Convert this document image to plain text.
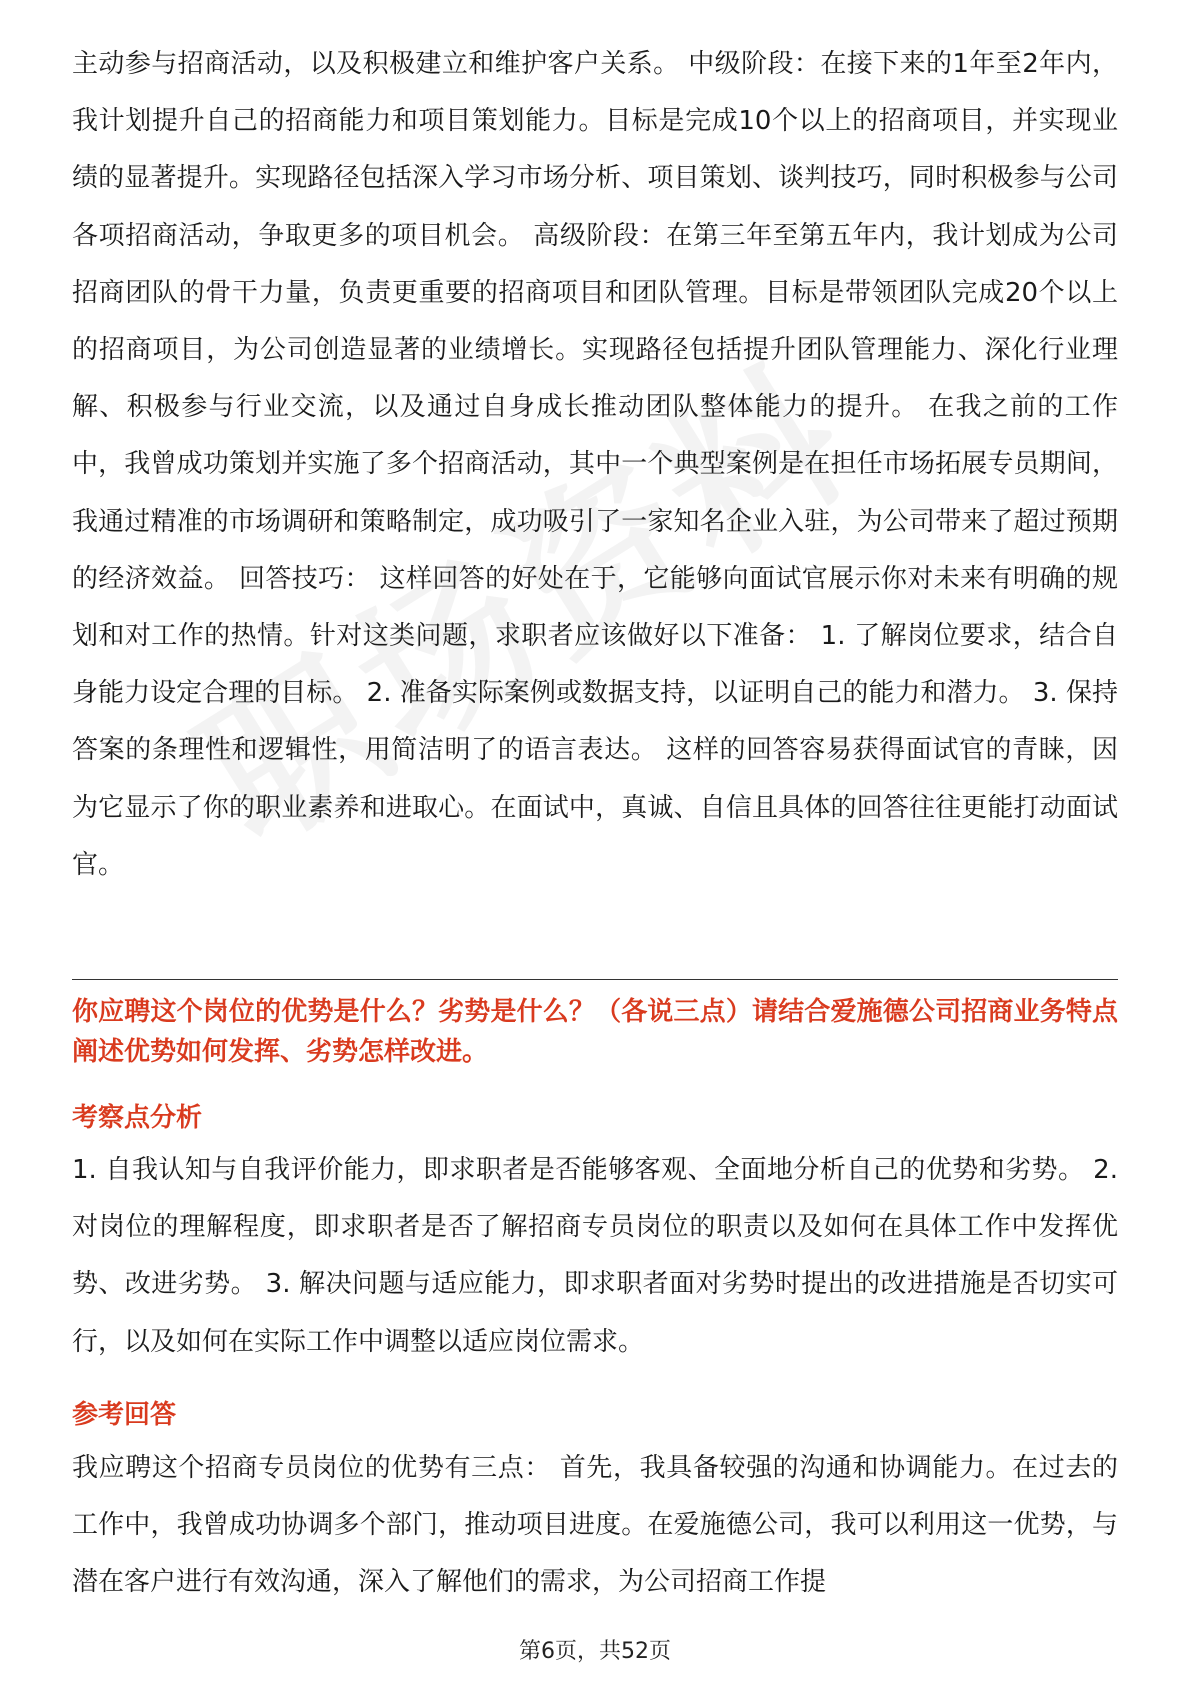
主动参与招商活动，以及积极建立和维护客户关系。 中级阶段：在接下来的1年至2年内，我计划提升自己的招商能力和项目策划能力。目标是完成10个以上的招商项目，并实现业绩的显著提升。实现路径包括深入学习市场分析、项目策划、谈判技巧，同时积极参与公司各项招商活动，争取更多的项目机会。 高级阶段：在第三年至第五年内，我计划成为公司招商团队的骨干力量，负责更重要的招商项目和团队管理。目标是带领团队完成20个以上的招商项目，为公司创造显著的业绩增长。实现路径包括提升团队管理能力、深化行业理解、积极参与行业交流，以及通过自身成长推动团队整体能力的提升。 在我之前的工作中，我曾成功策划并实施了多个招商活动，其中一个典型案例是在担任市场拓展专员期间，我通过精准的市场调研和策略制定，成功吸引了一家知名企业入驻，为公司带来了超过预期的经济效益。 回答技巧： 这样回答的好处在于，它能够向面试官展示你对未来有明确的规划和对工作的热情。针对这类问题，求职者应该做好以下准备： 1. 了解岗位要求，结合自身能力设定合理的目标。 2. 准备实际案例或数据支持，以证明自己的能力和潜力。 3. 保持答案的条理性和逻辑性，用简洁明了的语言表达。 这样的回答容易获得面试官的青睐，因为它显示了你的职业素养和进取心。在面试中，真诚、自信且具体的回答往往更能打动面试官。

你应聘这个岗位的优势是什么？劣势是什么？（各说三点）请结合爱施德公司招商业务特点阐述优势如何发挥、劣势怎样改进。

考察点分析

1. 自我认知与自我评价能力，即求职者是否能够客观、全面地分析自己的优势和劣势。 2. 对岗位的理解程度，即求职者是否了解招商专员岗位的职责以及如何在具体工作中发挥优势、改进劣势。 3. 解决问题与适应能力，即求职者面对劣势时提出的改进措施是否切实可行，以及如何在实际工作中调整以适应岗位需求。

参考回答

我应聘这个招商专员岗位的优势有三点： 首先，我具备较强的沟通和协调能力。在过去的工作中，我曾成功协调多个部门，推动项目进度。在爱施德公司，我可以利用这一优势，与潜在客户进行有效沟通，深入了解他们的需求，为公司招商工作提

第6页，共52页
